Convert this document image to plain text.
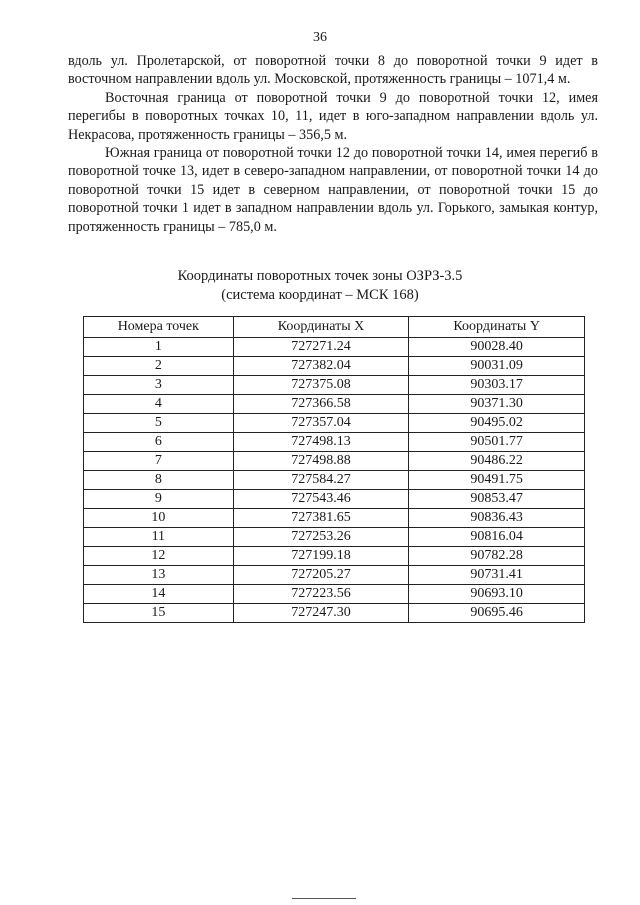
36

вдоль ул. Пролетарской, от поворотной точки 8 до поворотной точки 9 идет в восточном направлении вдоль ул. Московской, протяженность границы – 1071,4 м.

Восточная граница от поворотной точки 9 до поворотной точки 12, имея перегибы в поворотных точках 10, 11, идет в юго-западном направлении вдоль ул. Некрасова, протяженность границы – 356,5 м.

Южная граница от поворотной точки 12 до поворотной точки 14, имея перегиб в поворотной точке 13, идет в северо-западном направлении, от поворотной точки 14 до поворотной точки 15 идет в северном направлении, от поворотной точки 15 до поворотной точки 1 идет в западном направлении вдоль ул. Горького, замыкая контур, протяженность границы – 785,0 м.

Координаты поворотных точек зоны ОЗРЗ-3.5
(система координат – МСК 168)
Номера точек	Координаты X	Координаты Y
1	727271.24	90028.40
2	727382.04	90031.09
3	727375.08	90303.17
4	727366.58	90371.30
5	727357.04	90495.02
6	727498.13	90501.77
7	727498.88	90486.22
8	727584.27	90491.75
9	727543.46	90853.47
10	727381.65	90836.43
11	727253.26	90816.04
12	727199.18	90782.28
13	727205.27	90731.41
14	727223.56	90693.10
15	727247.30	90695.46
